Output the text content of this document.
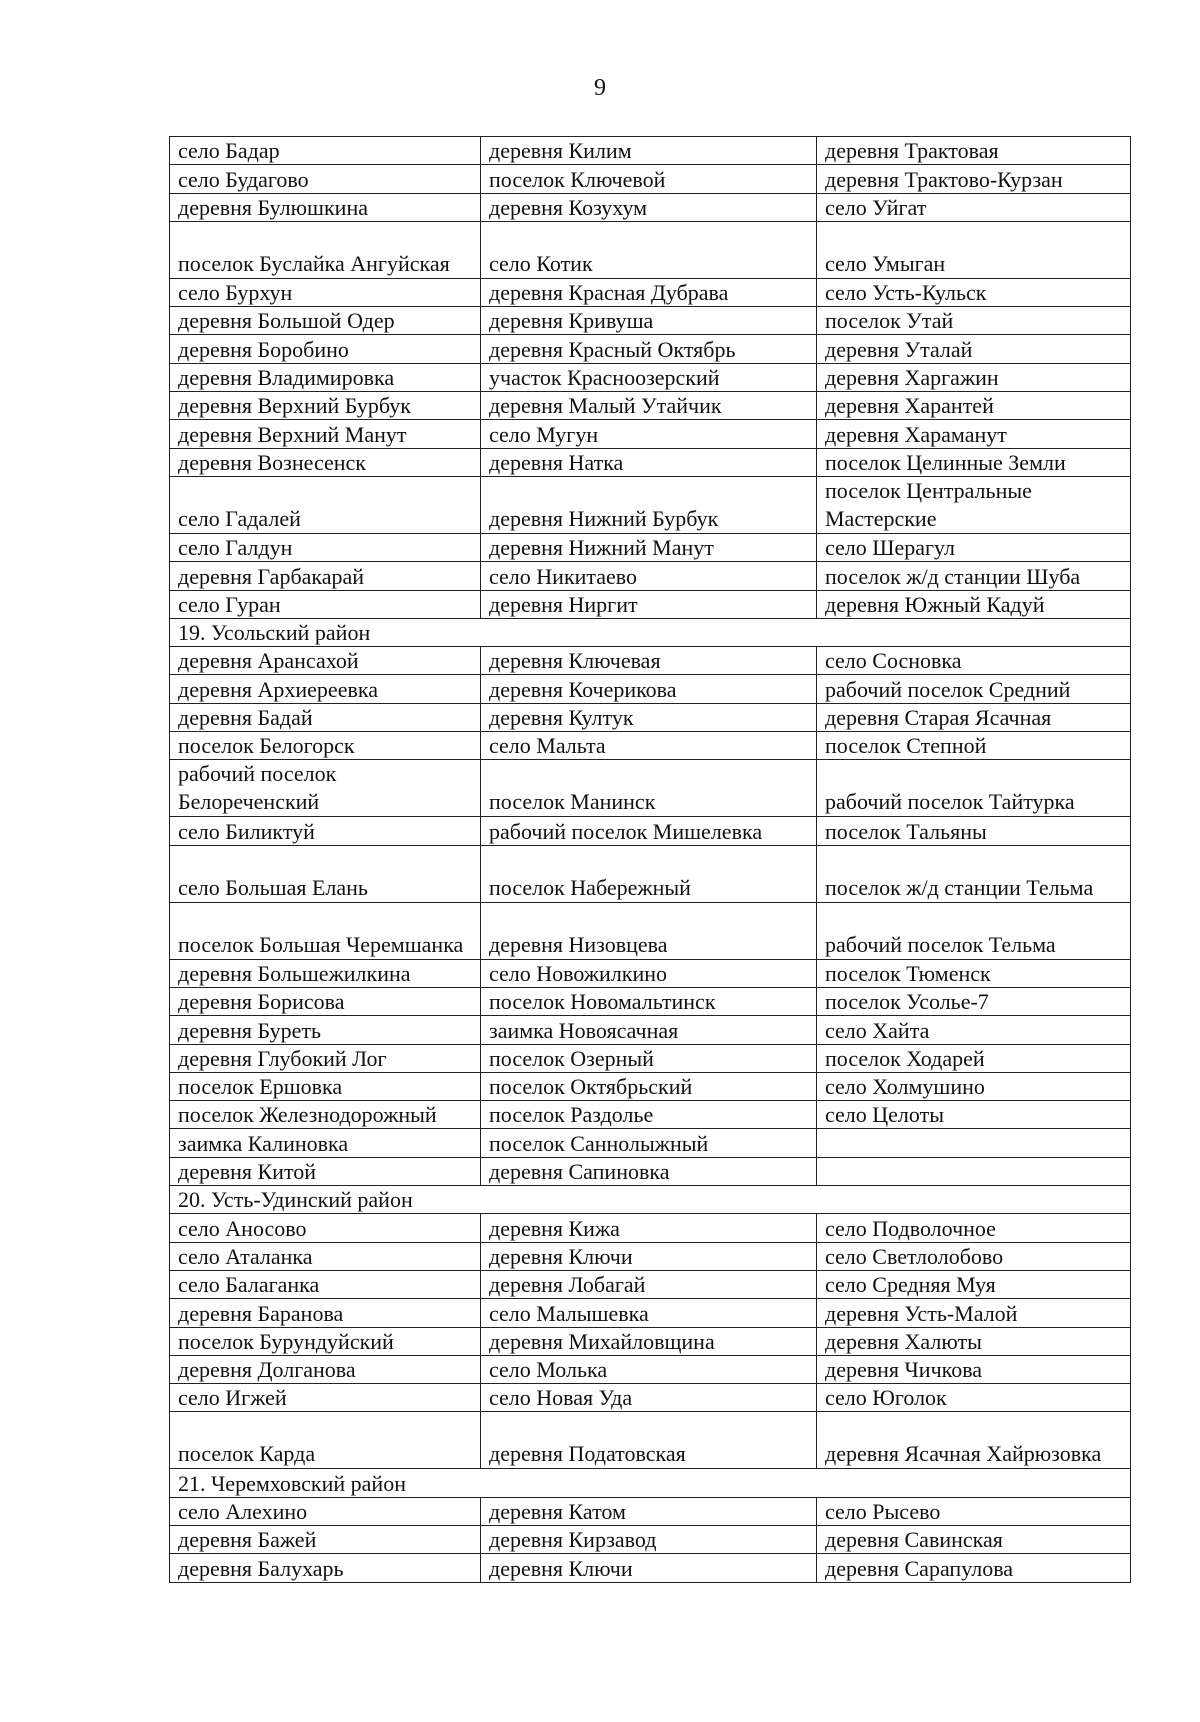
9
село Бадар	деревня Килим	деревня Трактовая
село Будагово	поселок Ключевой	деревня Трактово-Курзан
деревня Булюшкина	деревня Козухум	село Уйгат
поселок Буслайка Ангуйская	село Котик	село Умыган
село Бурхун	деревня Красная Дубрава	село Усть-Кульск
деревня Большой Одер	деревня Кривуша	поселок Утай
деревня Боробино	деревня Красный Октябрь	деревня Уталай
деревня Владимировка	участок Красноозерский	деревня Харгажин
деревня Верхний Бурбук	деревня Малый Утайчик	деревня Харантей
деревня Верхний Манут	село Мугун	деревня Хараманут
деревня Вознесенск	деревня Натка	поселок Целинные Земли
село Гадалей	деревня Нижний Бурбук	поселок Центральные Мастерские
село Галдун	деревня Нижний Манут	село Шерагул
деревня Гарбакарай	село Никитаево	поселок ж/д станции Шуба
село Гуран	деревня Ниргит	деревня Южный Кадуй
19. Усольский район		
деревня Арансахой	деревня Ключевая	село Сосновка
деревня Архиереевка	деревня Кочерикова	рабочий поселок Средний
деревня Бадай	деревня Култук	деревня Старая Ясачная
поселок Белогорск	село Мальта	поселок Степной
рабочий поселок Белореченский	поселок Манинск	рабочий поселок Тайтурка
село Биликтуй	рабочий поселок Мишелевка	поселок Тальяны
село Большая Елань	поселок Набережный	поселок ж/д станции Тельма
поселок Большая Черемшанка	деревня Низовцева	рабочий поселок Тельма
деревня Большежилкина	село Новожилкино	поселок Тюменск
деревня Борисова	поселок Новомальтинск	поселок Усолье-7
деревня Буреть	заимка Новоясачная	село Хайта
деревня Глубокий Лог	поселок Озерный	поселок Ходарей
поселок Ершовка	поселок Октябрьский	село Холмушино
поселок Железнодорожный	поселок Раздолье	село Целоты
заимка Калиновка	поселок Саннолыжный	
деревня Китой	деревня Сапиновка	
20. Усть-Удинский район		
село Аносово	деревня Кижа	село Подволочное
село Аталанка	деревня Ключи	село Светлолобово
село Балаганка	деревня Лобагай	село Средняя Муя
деревня Баранова	село Малышевка	деревня Усть-Малой
поселок Бурундуйский	деревня Михайловщина	деревня Халюты
деревня Долганова	село Молька	деревня Чичкова
село Игжей	село Новая Уда	село Юголок
поселок Карда	деревня Податовская	деревня Ясачная Хайрюзовка
21. Черемховский район		
село Алехино	деревня Катом	село Рысево
деревня Бажей	деревня Кирзавод	деревня Савинская
деревня Балухарь	деревня Ключи	деревня Сарапулова
